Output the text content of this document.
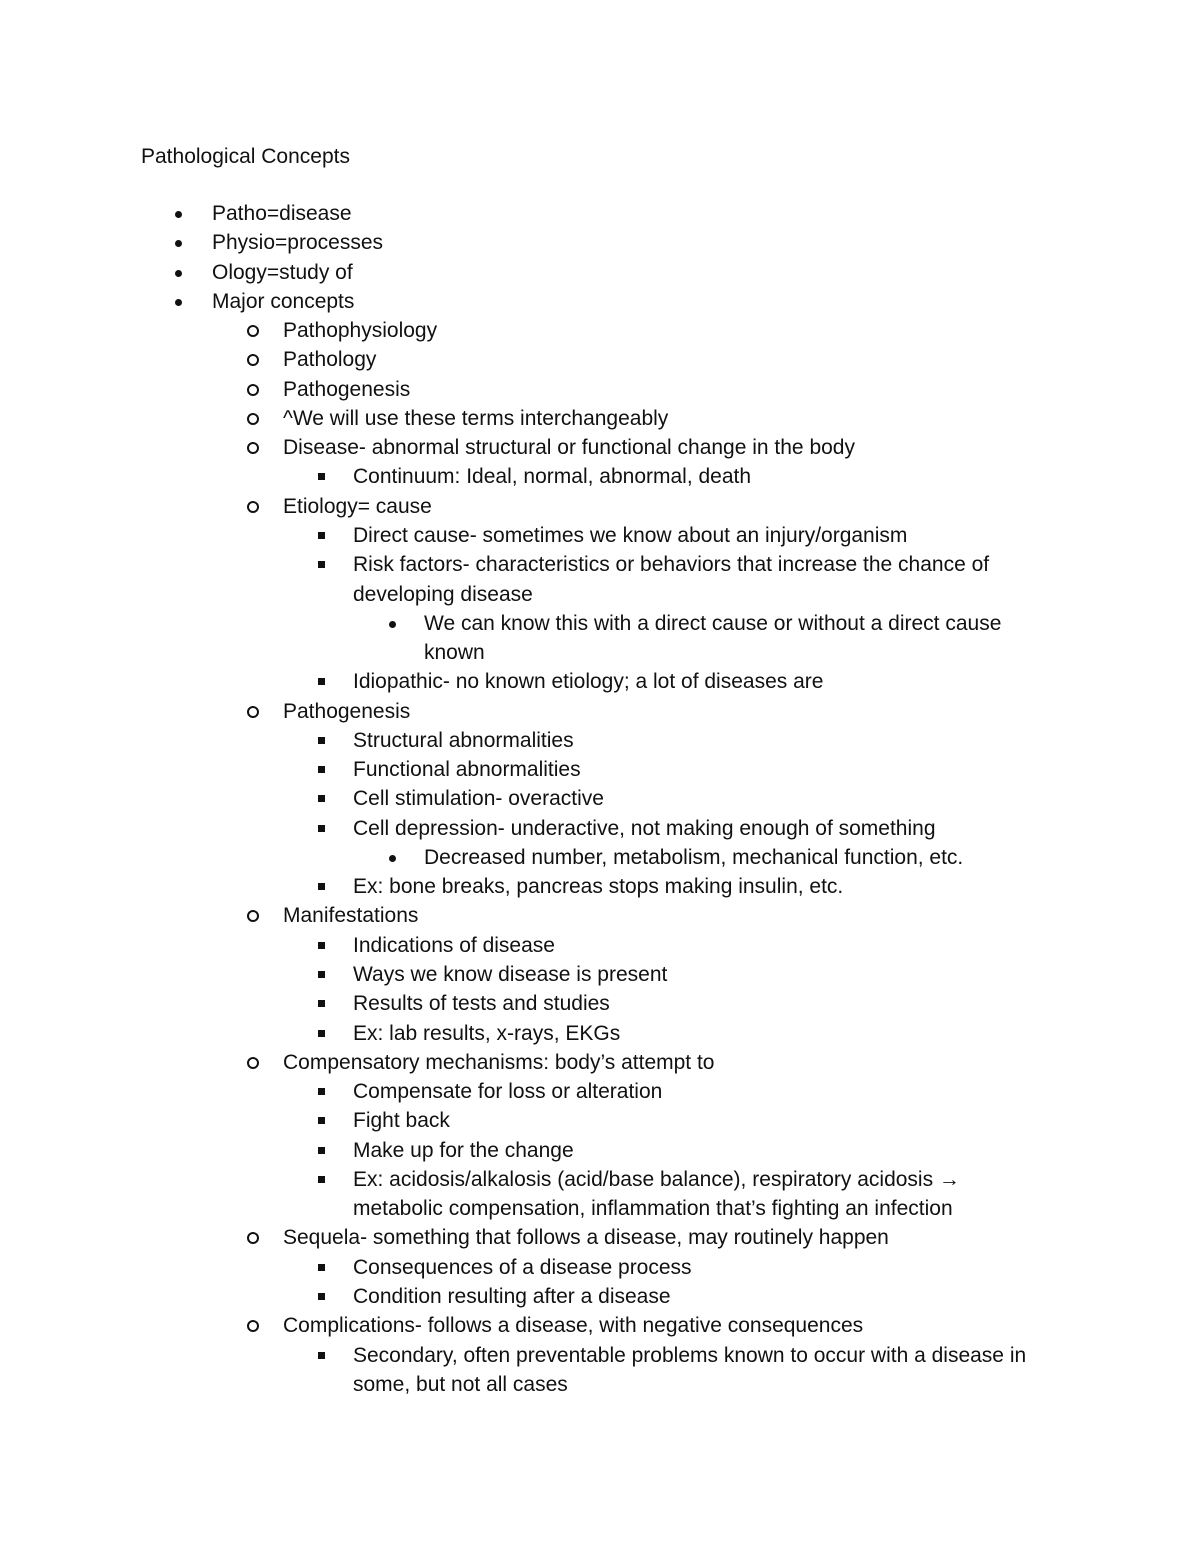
Pathological Concepts
Patho=disease
Physio=processes
Ology=study of
Major concepts
Pathophysiology
Pathology
Pathogenesis
^We will use these terms interchangeably
Disease- abnormal structural or functional change in the body
Continuum: Ideal, normal, abnormal, death
Etiology= cause
Direct cause- sometimes we know about an injury/organism
Risk factors- characteristics or behaviors that increase the chance of
developing disease
We can know this with a direct cause or without a direct cause
known
Idiopathic- no known etiology; a lot of diseases are
Pathogenesis
Structural abnormalities
Functional abnormalities
Cell stimulation- overactive
Cell depression- underactive, not making enough of something
Decreased number, metabolism, mechanical function, etc.
Ex: bone breaks, pancreas stops making insulin, etc.
Manifestations
Indications of disease
Ways we know disease is present
Results of tests and studies
Ex: lab results, x-rays, EKGs
Compensatory mechanisms: body’s attempt to
Compensate for loss or alteration
Fight back
Make up for the change
Ex: acidosis/alkalosis (acid/base balance), respiratory acidosis →
metabolic compensation, inflammation that’s fighting an infection
Sequela- something that follows a disease, may routinely happen
Consequences of a disease process
Condition resulting after a disease
Complications- follows a disease, with negative consequences
Secondary, often preventable problems known to occur with a disease in
some, but not all cases
